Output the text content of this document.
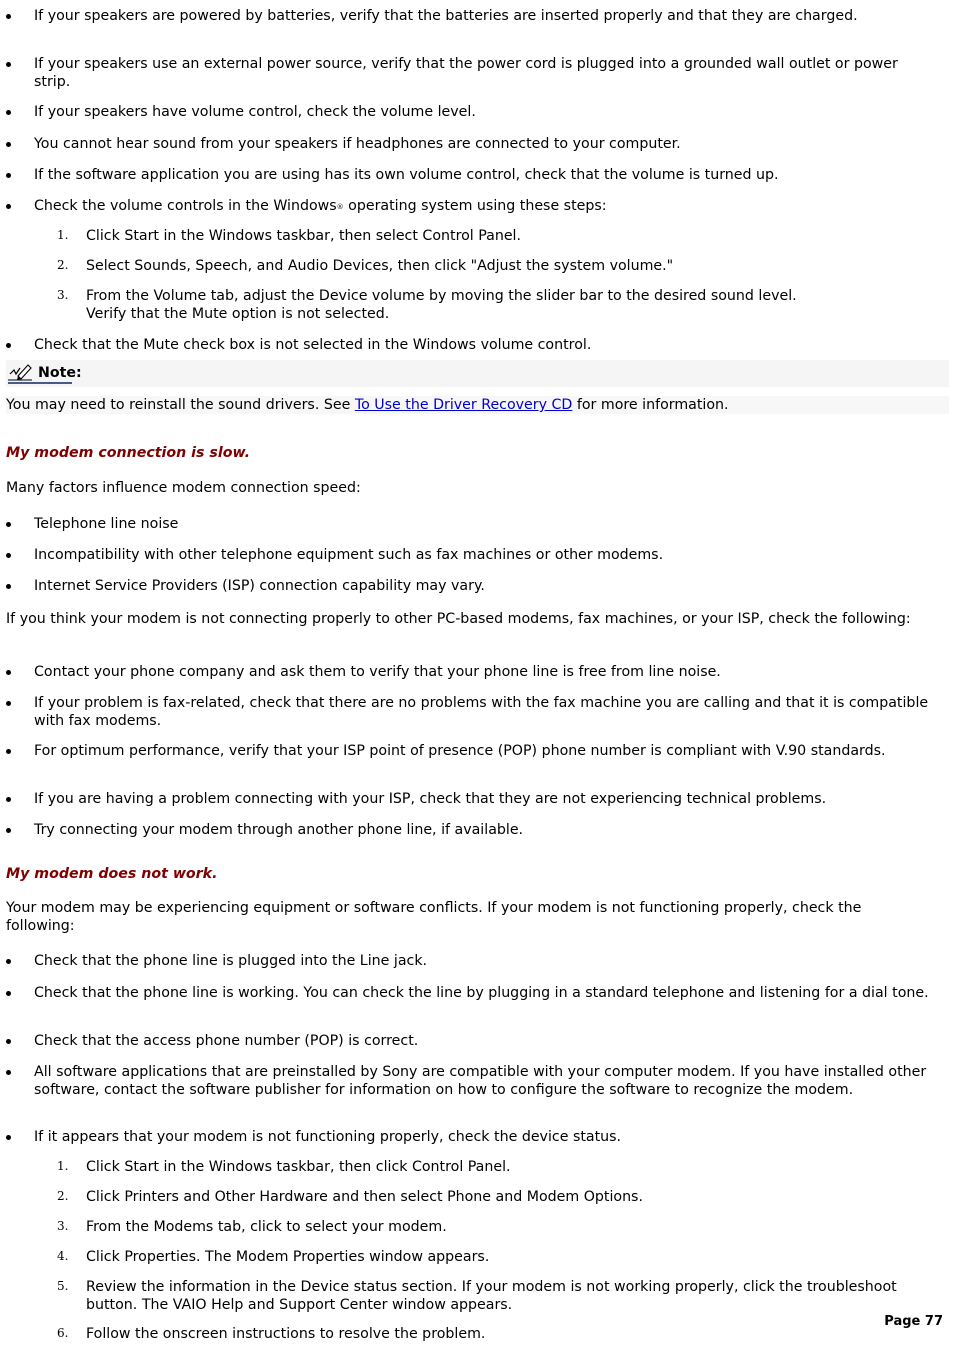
If your speakers are powered by batteries, verify that the batteries are inserted properly and that they are charged.
If your speakers use an external power source, verify that the power cord is plugged into a grounded wall outlet or power strip.
If your speakers have volume control, check the volume level.
You cannot hear sound from your speakers if headphones are connected to your computer.
If the software application you are using has its own volume control, check that the volume is turned up.
Check the volume controls in the Windows® operating system using these steps:
1. Click Start in the Windows taskbar, then select Control Panel.
2. Select Sounds, Speech, and Audio Devices, then click "Adjust the system volume."
3. From the Volume tab, adjust the Device volume by moving the slider bar to the desired sound level.
Verify that the Mute option is not selected.
Check that the Mute check box is not selected in the Windows volume control.
Note:
You may need to reinstall the sound drivers. See To Use the Driver Recovery CD for more information.
My modem connection is slow.
Many factors influence modem connection speed:
Telephone line noise
Incompatibility with other telephone equipment such as fax machines or other modems.
Internet Service Providers (ISP) connection capability may vary.
If you think your modem is not connecting properly to other PC-based modems, fax machines, or your ISP, check the following:
Contact your phone company and ask them to verify that your phone line is free from line noise.
If your problem is fax-related, check that there are no problems with the fax machine you are calling and that it is compatible with fax modems.
For optimum performance, verify that your ISP point of presence (POP) phone number is compliant with V.90 standards.
If you are having a problem connecting with your ISP, check that they are not experiencing technical problems.
Try connecting your modem through another phone line, if available.
My modem does not work.
Your modem may be experiencing equipment or software conflicts. If your modem is not functioning properly, check the following:
Check that the phone line is plugged into the Line jack.
Check that the phone line is working. You can check the line by plugging in a standard telephone and listening for a dial tone.
Check that the access phone number (POP) is correct.
All software applications that are preinstalled by Sony are compatible with your computer modem. If you have installed other software, contact the software publisher for information on how to configure the software to recognize the modem.
If it appears that your modem is not functioning properly, check the device status.
1. Click Start in the Windows taskbar, then click Control Panel.
2. Click Printers and Other Hardware and then select Phone and Modem Options.
3. From the Modems tab, click to select your modem.
4. Click Properties. The Modem Properties window appears.
5. Review the information in the Device status section. If your modem is not working properly, click the troubleshoot button. The VAIO Help and Support Center window appears.
6. Follow the onscreen instructions to resolve the problem.
Page 77
